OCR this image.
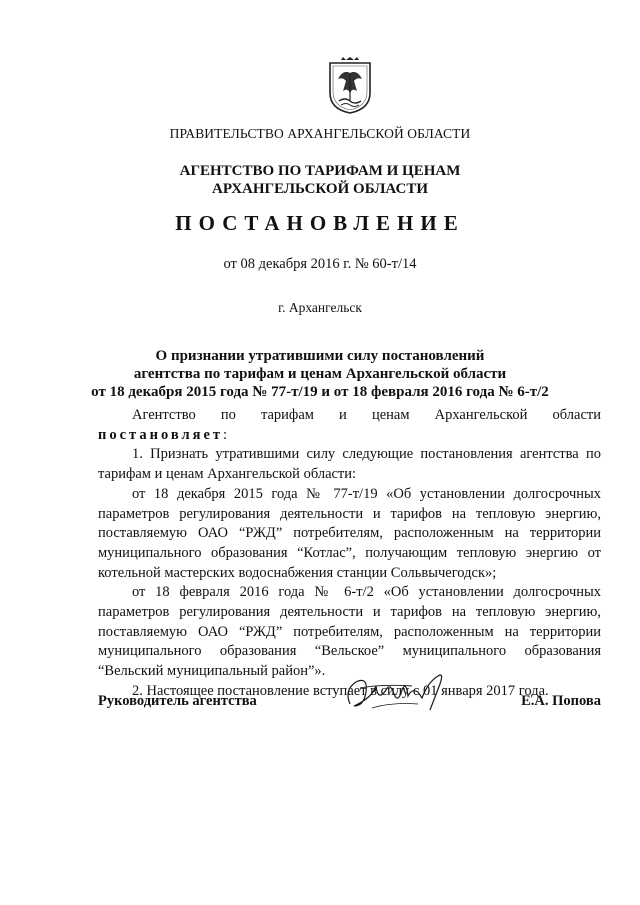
ПРАВИТЕЛЬСТВО АРХАНГЕЛЬСКОЙ ОБЛАСТИ
АГЕНТСТВО ПО ТАРИФАМ И ЦЕНАМ
АРХАНГЕЛЬСКОЙ ОБЛАСТИ
ПОСТАНОВЛЕНИЕ
от 08 декабря 2016 г. № 60-т/14
г. Архангельск
О признании утратившими силу постановлений
агентства по тарифам и ценам Архангельской области
от 18 декабря 2015 года № 77-т/19 и от 18 февраля 2016 года № 6-т/2

Агентство по тарифам и ценам Архангельской области постановляет:

1. Признать утратившими силу следующие постановления агентства по тарифам и ценам Архангельской области:

от 18 декабря 2015 года № 77-т/19 «Об установлении долгосрочных параметров регулирования деятельности и тарифов на тепловую энергию, поставляемую ОАО “РЖД” потребителям, расположенным на территории муниципального образования “Котлас”, получающим тепловую энергию от котельной мастерских водоснабжения станции Сольвычегодск»;

от 18 февраля 2016 года № 6-т/2 «Об установлении долгосрочных параметров регулирования деятельности и тарифов на тепловую энергию, поставляемую ОАО “РЖД” потребителям, расположенным на территории муниципального образования “Вельское” муниципального образования “Вельский муниципальный район”».

2. Настоящее постановление вступает в силу с 01 января 2017 года.

Руководитель агентства	Е.А. Попова
